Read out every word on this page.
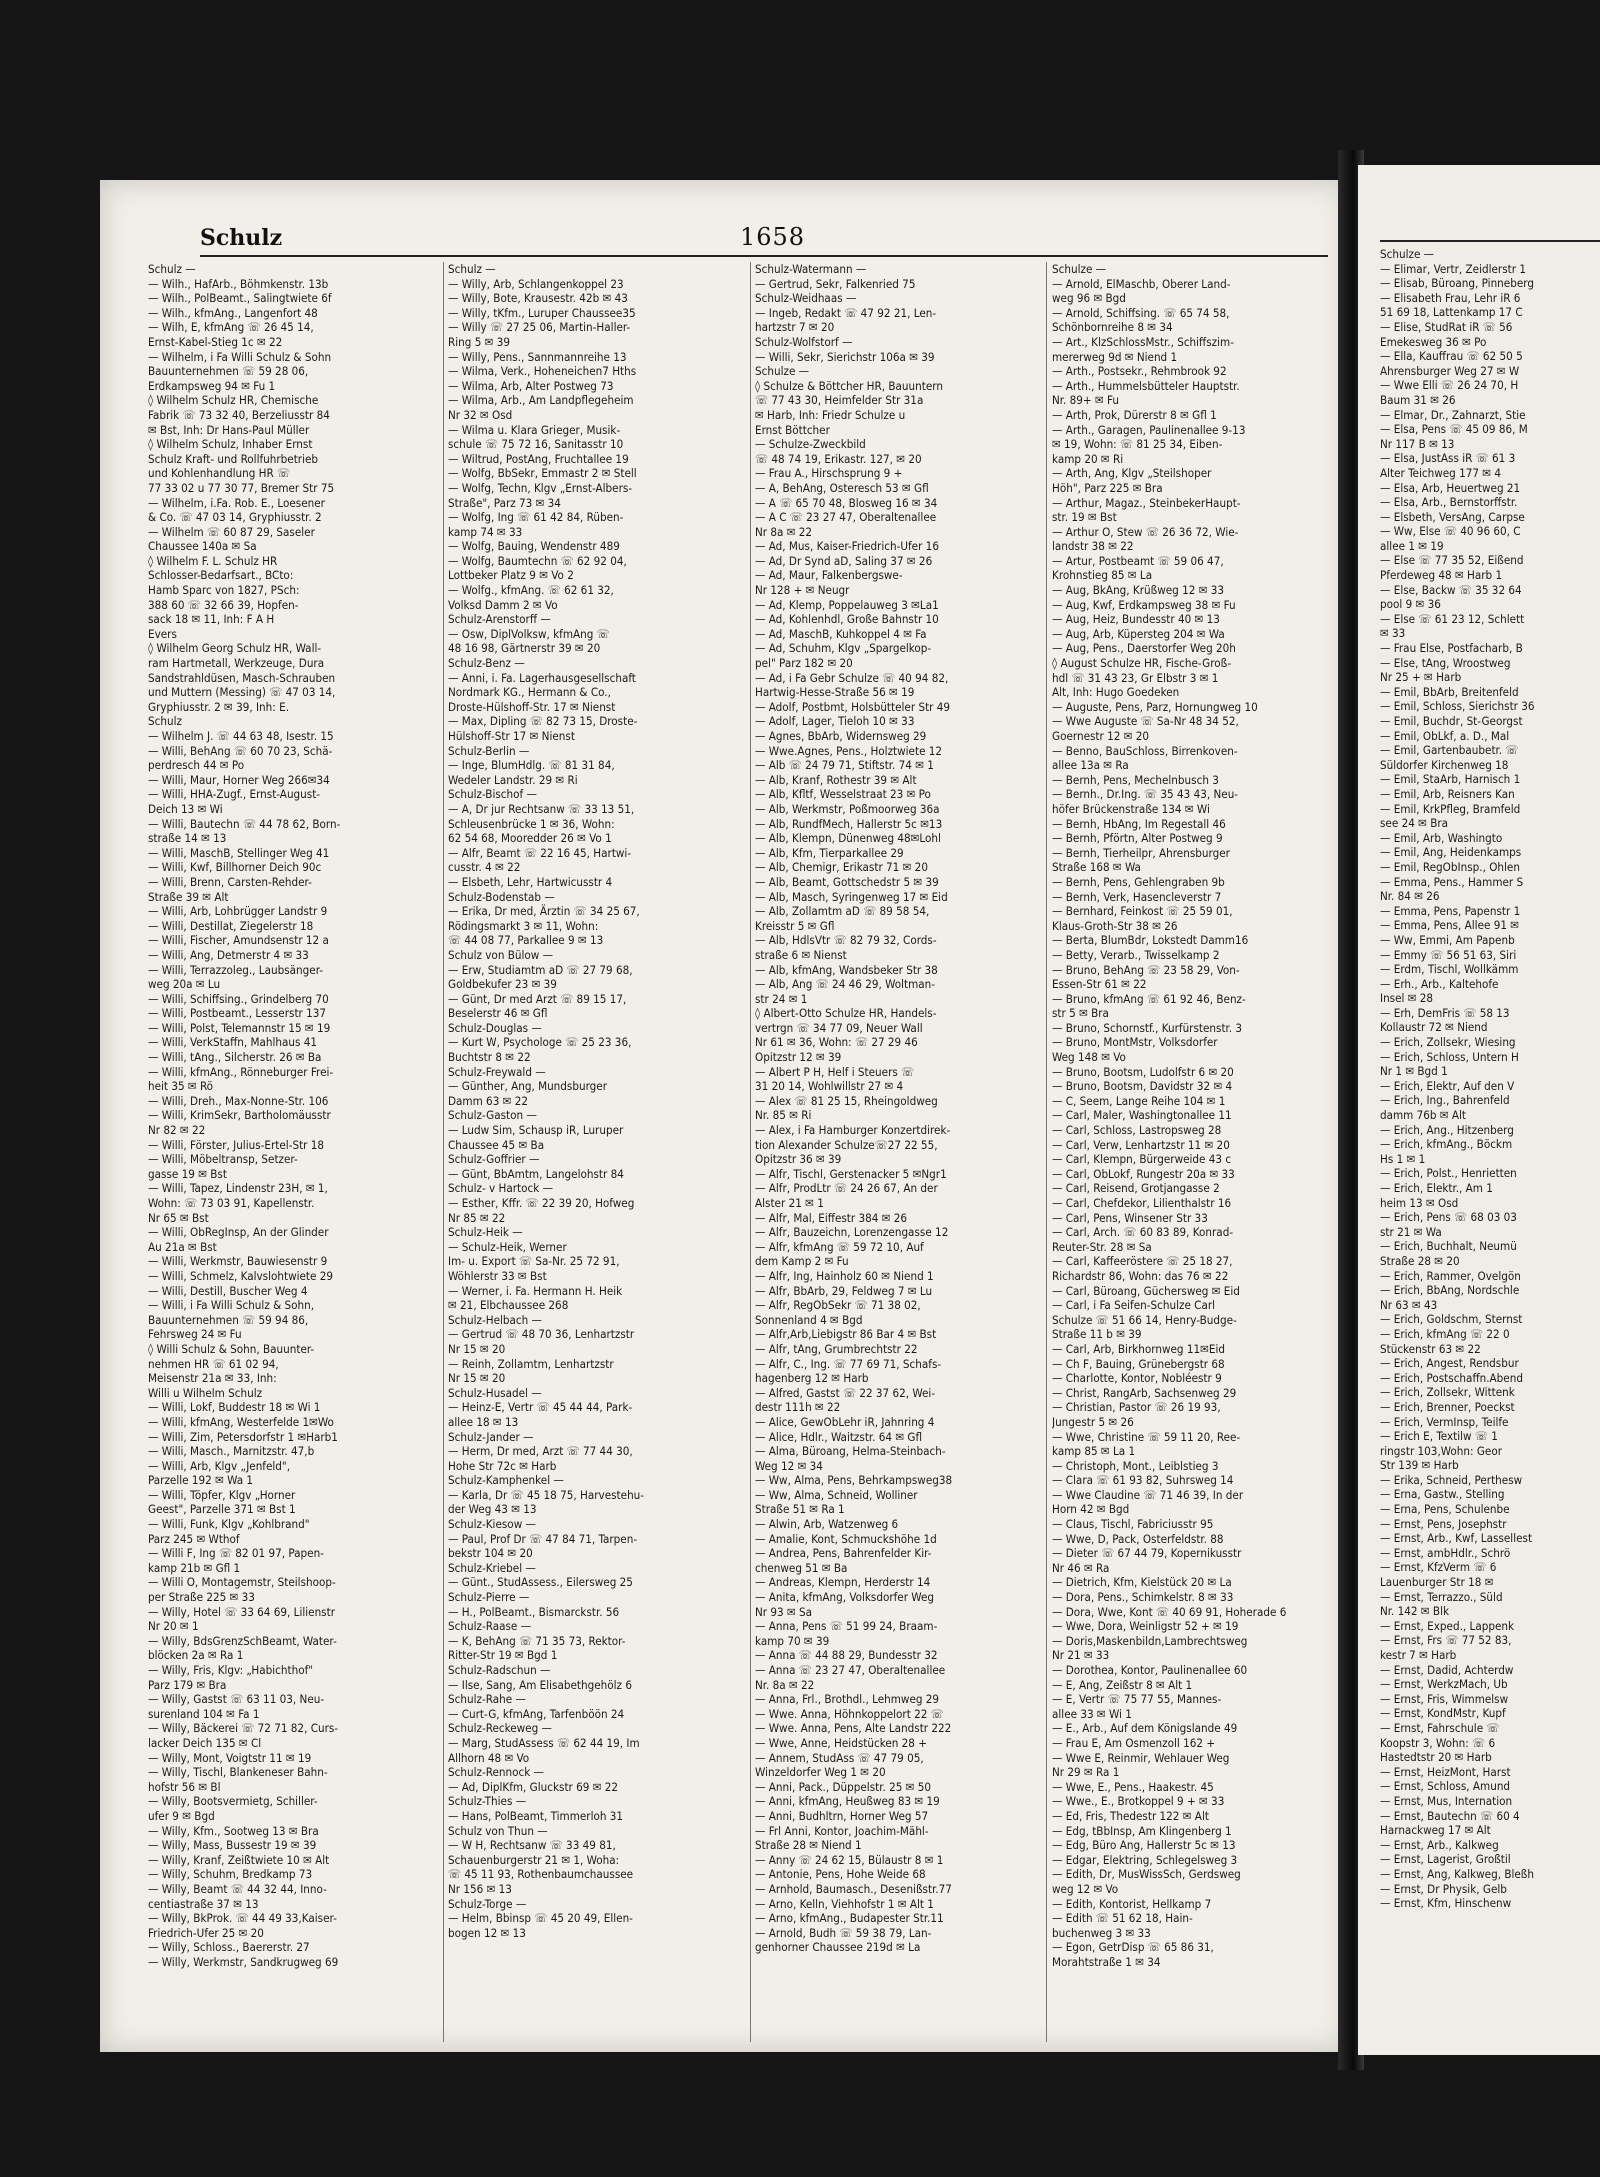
Schulz	1658
Schulz —
— Wilh., HafArb., Böhmkenstr. 13b
— Wilh., PolBeamt., Salingtwiete 6f
— Wilh., kfmAng., Langenfort 48
— Wilh, E, kfmAng ☏ 26 45 14,
Ernst-Kabel-Stieg 1c ✉ 22
— Wilhelm, i Fa Willi Schulz & Sohn
Bauunternehmen ☏ 59 28 06,
Erdkampsweg 94 ✉ Fu 1
◊ Wilhelm Schulz HR, Chemische
Fabrik ☏ 73 32 40, Berzeliusstr 84
✉ Bst, Inh: Dr Hans-Paul Müller
◊ Wilhelm Schulz, Inhaber Ernst
Schulz Kraft- und Rollfuhrbetrieb
und Kohlenhandlung HR ☏
77 33 02 u 77 30 77, Bremer Str 75
— Wilhelm, i.Fa. Rob. E., Loesener
& Co. ☏ 47 03 14, Gryphiusstr. 2
— Wilhelm ☏ 60 87 29, Saseler
Chaussee 140a ✉ Sa
◊ Wilhelm F. L. Schulz HR
Schlosser-Bedarfsart., BCto:
Hamb Sparc von 1827, PSch:
388 60 ☏ 32 66 39, Hopfen-
sack 18 ✉ 11, Inh: F A H
Evers
◊ Wilhelm Georg Schulz HR, Wall-
ram Hartmetall, Werkzeuge, Dura
Sandstrahldüsen, Masch-Schrauben
und Muttern (Messing) ☏ 47 03 14,
Gryphiusstr. 2 ✉ 39, Inh: E.
Schulz
— Wilhelm J. ☏ 44 63 48, Isestr. 15
— Willi, BehAng ☏ 60 70 23, Schä-
perdresch 44 ✉ Po
— Willi, Maur, Horner Weg 266✉34
— Willi, HHA-Zugf., Ernst-August-
Deich 13 ✉ Wi
— Willi, Bautechn ☏ 44 78 62, Born-
straße 14 ✉ 13
— Willi, MaschB, Stellinger Weg 41
— Willi, Kwf, Billhorner Deich 90c
— Willi, Brenn, Carsten-Rehder-
Straße 39 ✉ Alt
— Willi, Arb, Lohbrügger Landstr 9
— Willi, Destillat, Ziegelerstr 18
— Willi, Fischer, Amundsenstr 12 a
— Willi, Ang, Detmerstr 4 ✉ 33
— Willi, Terrazzoleg., Laubsänger-
weg 20a ✉ Lu
— Willi, Schiffsing., Grindelberg 70
— Willi, Postbeamt., Lesserstr 137
— Willi, Polst, Telemannstr 15 ✉ 19
— Willi, VerkStaffn, Mahlhaus 41
— Willi, tAng., Silcherstr. 26 ✉ Ba
— Willi, kfmAng., Rönneburger Frei-
heit 35 ✉ Rö
— Willi, Dreh., Max-Nonne-Str. 106
— Willi, KrimSekr, Bartholomäusstr
Nr 82 ✉ 22
— Willi, Förster, Julius-Ertel-Str 18
— Willi, Möbeltransp, Setzer-
gasse 19 ✉ Bst
— Willi, Tapez, Lindenstr 23H, ✉ 1,
Wohn: ☏ 73 03 91, Kapellenstr.
Nr 65 ✉ Bst
— Willi, ObRegInsp, An der Glinder
Au 21a ✉ Bst
— Willi, Werkmstr, Bauwiesenstr 9
— Willi, Schmelz, Kalvslohtwiete 29
— Willi, Destill, Buscher Weg 4
— Willi, i Fa Willi Schulz & Sohn,
Bauunternehmen ☏ 59 94 86,
Fehrsweg 24 ✉ Fu
◊ Willi Schulz & Sohn, Bauunter-
nehmen HR ☏ 61 02 94,
Meisenstr 21a ✉ 33, Inh:
Willi u Wilhelm Schulz
— Willi, Lokf, Buddestr 18 ✉ Wi 1
— Willi, kfmAng, Westerfelde 1✉Wo
— Willi, Zim, Petersdorfstr 1 ✉Harb1
— Willi, Masch., Marnitzstr. 47,b
— Willi, Arb, Klgv „Jenfeld",
Parzelle 192 ✉ Wa 1
— Willi, Töpfer, Klgv „Horner
Geest", Parzelle 371 ✉ Bst 1
— Willi, Funk, Klgv „Kohlbrand"
Parz 245 ✉ Wthof
— Willi F, Ing ☏ 82 01 97, Papen-
kamp 21b ✉ Gfl 1
— Willi O, Montagemstr, Steilshoop-
per Straße 225 ✉ 33
— Willy, Hotel ☏ 33 64 69, Lilienstr
Nr 20 ✉ 1
— Willy, BdsGrenzSchBeamt, Water-
blöcken 2a ✉ Ra 1
— Willy, Fris, Klgv: „Habichthof"
Parz 179 ✉ Bra
— Willy, Gastst ☏ 63 11 03, Neu-
surenland 104 ✉ Fa 1
— Willy, Bäckerei ☏ 72 71 82, Curs-
lacker Deich 135 ✉ Cl
— Willy, Mont, Voigtstr 11 ✉ 19
— Willy, Tischl, Blankeneser Bahn-
hofstr 56 ✉ Bl
— Willy, Bootsvermietg, Schiller-
ufer 9 ✉ Bgd
— Willy, Kfm., Sootweg 13 ✉ Bra
— Willy, Mass, Bussestr 19 ✉ 39
— Willy, Kranf, Zeißtwiete 10 ✉ Alt
— Willy, Schuhm, Bredkamp 73
— Willy, Beamt ☏ 44 32 44, Inno-
centiastraße 37 ✉ 13
— Willy, BkProk. ☏ 44 49 33,Kaiser-
Friedrich-Ufer 25 ✉ 20
— Willy, Schloss., Baererstr. 27
— Willy, Werkmstr, Sandkrugweg 69
Schulz —
— Willy, Arb, Schlangenkoppel 23
— Willy, Bote, Krausestr. 42b ✉ 43
— Willy, tKfm., Luruper Chaussee35
— Willy ☏ 27 25 06, Martin-Haller-
Ring 5 ✉ 39
— Willy, Pens., Sannmannreihe 13
— Wilma, Verk., Hoheneichen7 Hths
— Wilma, Arb, Alter Postweg 73
— Wilma, Arb., Am Landpflegeheim
Nr 32 ✉ Osd
— Wilma u. Klara Grieger, Musik-
schule ☏ 75 72 16, Sanitasstr 10
— Wiltrud, PostAng, Fruchtallee 19
— Wolfg, BbSekr, Emmastr 2 ✉ Stell
— Wolfg, Techn, Klgv „Ernst-Albers-
Straße", Parz 73 ✉ 34
— Wolfg, Ing ☏ 61 42 84, Rüben-
kamp 74 ✉ 33
— Wolfg, Bauing, Wendenstr 489
— Wolfg, Baumtechn ☏ 62 92 04,
Lottbeker Platz 9 ✉ Vo 2
— Wolfg., kfmAng. ☏ 62 61 32,
Volksd Damm 2 ✉ Vo
Schulz-Arenstorff —
— Osw, DiplVolksw, kfmAng ☏
48 16 98, Gärtnerstr 39 ✉ 20
Schulz-Benz —
— Anni, i. Fa. Lagerhausgesellschaft
Nordmark KG., Hermann & Co.,
Droste-Hülshoff-Str. 17 ✉ Nienst
— Max, Dipling ☏ 82 73 15, Droste-
Hülshoff-Str 17 ✉ Nienst
Schulz-Berlin —
— Inge, BlumHdlg. ☏ 81 31 84,
Wedeler Landstr. 29 ✉ Ri
Schulz-Bischof —
— A, Dr jur Rechtsanw ☏ 33 13 51,
Schleusenbrücke 1 ✉ 36, Wohn:
62 54 68, Mooredder 26 ✉ Vo 1
— Alfr, Beamt ☏ 22 16 45, Hartwi-
cusstr. 4 ✉ 22
— Elsbeth, Lehr, Hartwicusstr 4
Schulz-Bodenstab —
— Erika, Dr med, Ärztin ☏ 34 25 67,
Rödingsmarkt 3 ✉ 11, Wohn:
☏ 44 08 77, Parkallee 9 ✉ 13
Schulz von Bülow —
— Erw, Studiamtm aD ☏ 27 79 68,
Goldbekufer 23 ✉ 39
— Günt, Dr med Arzt ☏ 89 15 17,
Beselerstr 46 ✉ Gfl
Schulz-Douglas —
— Kurt W, Psychologe ☏ 25 23 36,
Buchtstr 8 ✉ 22
Schulz-Freywald —
— Günther, Ang, Mundsburger
Damm 63 ✉ 22
Schulz-Gaston —
— Ludw Sim, Schausp iR, Luruper
Chaussee 45 ✉ Ba
Schulz-Goffrier —
— Günt, BbAmtm, Langelohstr 84
Schulz- v Hartock —
— Esther, Kffr. ☏ 22 39 20, Hofweg
Nr 85 ✉ 22
Schulz-Heik —
— Schulz-Heik, Werner
Im- u. Export ☏ Sa-Nr. 25 72 91,
Wöhlerstr 33 ✉ Bst
— Werner, i. Fa. Hermann H. Heik
✉ 21, Elbchaussee 268
Schulz-Helbach —
— Gertrud ☏ 48 70 36, Lenhartzstr
Nr 15 ✉ 20
— Reinh, Zollamtm, Lenhartzstr
Nr 15 ✉ 20
Schulz-Husadel —
— Heinz-E, Vertr ☏ 45 44 44, Park-
allee 18 ✉ 13
Schulz-Jander —
— Herm, Dr med, Arzt ☏ 77 44 30,
Hohe Str 72c ✉ Harb
Schulz-Kamphenkel —
— Karla, Dr ☏ 45 18 75, Harvestehu-
der Weg 43 ✉ 13
Schulz-Kiesow —
— Paul, Prof Dr ☏ 47 84 71, Tarpen-
bekstr 104 ✉ 20
Schulz-Kriebel —
— Günt., StudAssess., Eilersweg 25
Schulz-Pierre —
— H., PolBeamt., Bismarckstr. 56
Schulz-Raase —
— K, BehAng ☏ 71 35 73, Rektor-
Ritter-Str 19 ✉ Bgd 1
Schulz-Radschun —
— Ilse, Sang, Am Elisabethgehölz 6
Schulz-Rahe —
— Curt-G, kfmAng, Tarfenböön 24
Schulz-Reckeweg —
— Marg, StudAssess ☏ 62 44 19, Im
Allhorn 48 ✉ Vo
Schulz-Rennock —
— Ad, DiplKfm, Gluckstr 69 ✉ 22
Schulz-Thies —
— Hans, PolBeamt, Timmerloh 31
Schulz von Thun —
— W H, Rechtsanw ☏ 33 49 81,
Schauenburgerstr 21 ✉ 1, Woha:
☏ 45 11 93, Rothenbaumchaussee
Nr 156 ✉ 13
Schulz-Torge —
— Helm, Bbinsp ☏ 45 20 49, Ellen-
bogen 12 ✉ 13
Schulz-Watermann —
— Gertrud, Sekr, Falkenried 75
Schulz-Weidhaas —
— Ingeb, Redakt ☏ 47 92 21, Len-
hartzstr 7 ✉ 20
Schulz-Wolfstorf —
— Willi, Sekr, Sierichstr 106a ✉ 39
Schulze —
◊ Schulze & Böttcher HR, Bauuntern
☏ 77 43 30, Heimfelder Str 31a
✉ Harb, Inh: Friedr Schulze u
Ernst Böttcher
— Schulze-Zweckbild
☏ 48 74 19, Erikastr. 127, ✉ 20
— Frau A., Hirschsprung 9 +
— A, BehAng, Osteresch 53 ✉ Gfl
— A ☏ 65 70 48, Blosweg 16 ✉ 34
— A C ☏ 23 27 47, Oberaltenallee
Nr 8a ✉ 22
— Ad, Mus, Kaiser-Friedrich-Ufer 16
— Ad, Dr Synd aD, Saling 37 ✉ 26
— Ad, Maur, Falkenbergswe-
Nr 128 + ✉ Neugr
— Ad, Klemp, Poppelauweg 3 ✉La1
— Ad, Kohlenhdl, Große Bahnstr 10
— Ad, MaschB, Kuhkoppel 4 ✉ Fa
— Ad, Schuhm, Klgv „Spargelkop-
pel" Parz 182 ✉ 20
— Ad, i Fa Gebr Schulze ☏ 40 94 82,
Hartwig-Hesse-Straße 56 ✉ 19
— Adolf, Postbmt, Holsbütteler Str 49
— Adolf, Lager, Tieloh 10 ✉ 33
— Agnes, BbArb, Widernsweg 29
— Wwe.Agnes, Pens., Holztwiete 12
— Alb ☏ 24 79 71, Stiftstr. 74 ✉ 1
— Alb, Kranf, Rothestr 39 ✉ Alt
— Alb, Kfltf, Wesselstraat 23 ✉ Po
— Alb, Werkmstr, Poßmoorweg 36a
— Alb, RundfMech, Hallerstr 5c ✉13
— Alb, Klempn, Dünenweg 48✉Lohl
— Alb, Kfm, Tierparkallee 29
— Alb, Chemigr, Erikastr 71 ✉ 20
— Alb, Beamt, Gottschedstr 5 ✉ 39
— Alb, Masch, Syringenweg 17 ✉ Eid
— Alb, Zollamtm aD ☏ 89 58 54,
Kreisstr 5 ✉ Gfl
— Alb, HdlsVtr ☏ 82 79 32, Cords-
straße 6 ✉ Nienst
— Alb, kfmAng, Wandsbeker Str 38
— Alb, Ang ☏ 24 46 29, Woltman-
str 24 ✉ 1
◊ Albert-Otto Schulze HR, Handels-
vertrgn ☏ 34 77 09, Neuer Wall
Nr 61 ✉ 36, Wohn: ☏ 27 29 46
Opitzstr 12 ✉ 39
— Albert P H, Helf i Steuers ☏
31 20 14, Wohlwillstr 27 ✉ 4
— Alex ☏ 81 25 15, Rheingoldweg
Nr. 85 ✉ Ri
— Alex, i Fa Hamburger Konzertdirek-
tion Alexander Schulze☏27 22 55,
Opitzstr 36 ✉ 39
— Alfr, Tischl, Gerstenacker 5 ✉Ngr1
— Alfr, ProdLtr ☏ 24 26 67, An der
Alster 21 ✉ 1
— Alfr, Mal, Eiffestr 384 ✉ 26
— Alfr, Bauzeichn, Lorenzengasse 12
— Alfr, kfmAng ☏ 59 72 10, Auf
dem Kamp 2 ✉ Fu
— Alfr, Ing, Hainholz 60 ✉ Niend 1
— Alfr, BbArb, 29, Feldweg 7 ✉ Lu
— Alfr, RegObSekr ☏ 71 38 02,
Sonnenland 4 ✉ Bgd
— Alfr,Arb,Liebigstr 86 Bar 4 ✉ Bst
— Alfr, tAng, Grumbrechtstr 22
— Alfr, C., Ing. ☏ 77 69 71, Schafs-
hagenberg 12 ✉ Harb
— Alfred, Gastst ☏ 22 37 62, Wei-
destr 111h ✉ 22
— Alice, GewObLehr iR, Jahnring 4
— Alice, Hdlr., Waitzstr. 64 ✉ Gfl
— Alma, Büroang, Helma-Steinbach-
Weg 12 ✉ 34
— Ww, Alma, Pens, Behrkampsweg38
— Ww, Alma, Schneid, Wolliner
Straße 51 ✉ Ra 1
— Alwin, Arb, Watzenweg 6
— Amalie, Kont, Schmuckshöhe 1d
— Andrea, Pens, Bahrenfelder Kir-
chenweg 51 ✉ Ba
— Andreas, Klempn, Herderstr 14
— Anita, kfmAng, Volksdorfer Weg
Nr 93 ✉ Sa
— Anna, Pens ☏ 51 99 24, Braam-
kamp 70 ✉ 39
— Anna ☏ 44 88 29, Bundesstr 32
— Anna ☏ 23 27 47, Oberaltenallee
Nr. 8a ✉ 22
— Anna, Frl., Brothdl., Lehmweg 29
— Wwe. Anna, Höhnkoppelort 22 ☏
— Wwe. Anna, Pens, Alte Landstr 222
— Wwe, Anne, Heidstücken 28 +
— Annem, StudAss ☏ 47 79 05,
Winzeldorfer Weg 1 ✉ 20
— Anni, Pack., Düppelstr. 25 ✉ 50
— Anni, kfmAng, Heußweg 83 ✉ 19
— Anni, Budhltrn, Horner Weg 57
— Frl Anni, Kontor, Joachim-Mähl-
Straße 28 ✉ Niend 1
— Anny ☏ 24 62 15, Bülaustr 8 ✉ 1
— Antonie, Pens, Hohe Weide 68
— Arnhold, Baumasch., Desenißstr.77
— Arno, Kelln, Viehhofstr 1 ✉ Alt 1
— Arno, kfmAng., Budapester Str.11
— Arnold, Budh ☏ 59 38 79, Lan-
genhorner Chaussee 219d ✉ La
Schulze —
— Arnold, ElMaschb, Oberer Land-
weg 96 ✉ Bgd
— Arnold, Schiffsing. ☏ 65 74 58,
Schönbornreihe 8 ✉ 34
— Art., KlzSchlossMstr., Schiffszim-
mererweg 9d ✉ Niend 1
— Arth., Postsekr., Rehmbrook 92
— Arth., Hummelsbütteler Hauptstr.
Nr. 89+ ✉ Fu
— Arth, Prok, Dürerstr 8 ✉ Gfl 1
— Arth., Garagen, Paulinenallee 9-13
✉ 19, Wohn: ☏ 81 25 34, Eiben-
kamp 20 ✉ Ri
— Arth, Ang, Klgv „Steilshoper
Höh", Parz 225 ✉ Bra
— Arthur, Magaz., SteinbekerHaupt-
str. 19 ✉ Bst
— Arthur O, Stew ☏ 26 36 72, Wie-
landstr 38 ✉ 22
— Artur, Postbeamt ☏ 59 06 47,
Krohnstieg 85 ✉ La
— Aug, BkAng, Krüßweg 12 ✉ 33
— Aug, Kwf, Erdkampsweg 38 ✉ Fu
— Aug, Heiz, Bundesstr 40 ✉ 13
— Aug, Arb, Küpersteg 204 ✉ Wa
— Aug, Pens., Daerstorfer Weg 20h
◊ August Schulze HR, Fische-Groß-
hdl ☏ 31 43 23, Gr Elbstr 3 ✉ 1
Alt, Inh: Hugo Goedeken
— Auguste, Pens, Parz, Hornungweg 10
— Wwe Auguste ☏ Sa-Nr 48 34 52,
Goernestr 12 ✉ 20
— Benno, BauSchloss, Birrenkoven-
allee 13a ✉ Ra
— Bernh, Pens, Mechelnbusch 3
— Bernh., Dr.Ing. ☏ 35 43 43, Neu-
höfer Brückenstraße 134 ✉ Wi
— Bernh, HbAng, Im Regestall 46
— Bernh, Pförtn, Alter Postweg 9
— Bernh, Tierheilpr, Ahrensburger
Straße 168 ✉ Wa
— Bernh, Pens, Gehlengraben 9b
— Bernh, Verk, Hasencleverstr 7
— Bernhard, Feinkost ☏ 25 59 01,
Klaus-Groth-Str 38 ✉ 26
— Berta, BlumBdr, Lokstedt Damm16
— Betty, Verarb., Twisselkamp 2
— Bruno, BehAng ☏ 23 58 29, Von-
Essen-Str 61 ✉ 22
— Bruno, kfmAng ☏ 61 92 46, Benz-
str 5 ✉ Bra
— Bruno, Schornstf., Kurfürstenstr. 3
— Bruno, MontMstr, Volksdorfer
Weg 148 ✉ Vo
— Bruno, Bootsm, Ludolfstr 6 ✉ 20
— Bruno, Bootsm, Davidstr 32 ✉ 4
— C, Seem, Lange Reihe 104 ✉ 1
— Carl, Maler, Washingtonallee 11
— Carl, Schloss, Lastropsweg 28
— Carl, Verw, Lenhartzstr 11 ✉ 20
— Carl, Klempn, Bürgerweide 43 c
— Carl, ObLokf, Rungestr 20a ✉ 33
— Carl, Reisend, Grotjangasse 2
— Carl, Chefdekor, Lilienthalstr 16
— Carl, Pens, Winsener Str 33
— Carl, Arch. ☏ 60 83 89, Konrad-
Reuter-Str. 28 ✉ Sa
— Carl, Kaffeeröstere ☏ 25 18 27,
Richardstr 86, Wohn: das 76 ✉ 22
— Carl, Büroang, Güchersweg ✉ Eid
— Carl, i Fa Seifen-Schulze Carl
Schulze ☏ 51 66 14, Henry-Budge-
Straße 11 b ✉ 39
— Carl, Arb, Birkhornweg 11✉Eid
— Ch F, Bauing, Grünebergstr 68
— Charlotte, Kontor, Nobléestr 9
— Christ, RangArb, Sachsenweg 29
— Christian, Pastor ☏ 26 19 93,
Jungestr 5 ✉ 26
— Wwe, Christine ☏ 59 11 20, Ree-
kamp 85 ✉ La 1
— Christoph, Mont., Leiblstieg 3
— Clara ☏ 61 93 82, Suhrsweg 14
— Wwe Claudine ☏ 71 46 39, In der
Horn 42 ✉ Bgd
— Claus, Tischl, Fabriciusstr 95
— Wwe, D, Pack, Osterfeldstr. 88
— Dieter ☏ 67 44 79, Kopernikusstr
Nr 46 ✉ Ra
— Dietrich, Kfm, Kielstück 20 ✉ La
— Dora, Pens., Schimkelstr. 8 ✉ 33
— Dora, Wwe, Kont ☏ 40 69 91, Hoherade 6
— Wwe, Dora, Weinligstr 52 + ✉ 19
— Doris,Maskenbildn,Lambrechtsweg
Nr 21 ✉ 33
— Dorothea, Kontor, Paulinenallee 60
— E, Ang, Zeißstr 8 ✉ Alt 1
— E, Vertr ☏ 75 77 55, Mannes-
allee 33 ✉ Wi 1
— E., Arb., Auf dem Königslande 49
— Frau E, Am Osmenzoll 162 +
— Wwe E, Reinmir, Wehlauer Weg
Nr 29 ✉ Ra 1
— Wwe, E., Pens., Haakestr. 45
— Wwe., E., Brotkoppel 9 + ✉ 33
— Ed, Fris, Thedestr 122 ✉ Alt
— Edg, tBbInsp, Am Klingenberg 1
— Edg, Büro Ang, Hallerstr 5c ✉ 13
— Edgar, Elektring, Schlegelsweg 3
— Edith, Dr, MusWissSch, Gerdsweg
weg 12 ✉ Vo
— Edith, Kontorist, Hellkamp 7
— Edith ☏ 51 62 18, Hain-
buchenweg 3 ✉ 33
— Egon, GetrDisp ☏ 65 86 31,
Morahtstraße 1 ✉ 34
Schulze —
— Elimar, Vertr, Zeidlerstr 1
— Elisab, Büroang, Pinneberg
— Elisabeth Frau, Lehr iR 6
51 69 18, Lattenkamp 17 C
— Elise, StudRat iR ☏ 56
Emekesweg 36 ✉ Po
— Ella, Kauffrau ☏ 62 50 5
Ahrensburger Weg 27 ✉ W
— Wwe Elli ☏ 26 24 70, H
Baum 31 ✉ 26
— Elmar, Dr., Zahnarzt, Stie
— Elsa, Pens ☏ 45 09 86, M
Nr 117 B ✉ 13
— Elsa, JustAss iR ☏ 61 3
Alter Teichweg 177 ✉ 4
— Elsa, Arb, Heuertweg 21
— Elsa, Arb., Bernstorffstr.
— Elsbeth, VersAng, Carpse
— Ww, Else ☏ 40 96 60, C
allee 1 ✉ 19
— Else ☏ 77 35 52, Eißend
Pferdeweg 48 ✉ Harb 1
— Else, Backw ☏ 35 32 64
pool 9 ✉ 36
— Else ☏ 61 23 12, Schlett
✉ 33
— Frau Else, Postfacharb, B
— Else, tAng, Wroostweg
Nr 25 + ✉ Harb
— Emil, BbArb, Breitenfeld
— Emil, Schloss, Sierichstr 36
— Emil, Buchdr, St-Georgst
— Emil, ObLkf, a. D., Mal
— Emil, Gartenbaubetr. ☏
Süldorfer Kirchenweg 18
— Emil, StaArb, Harnisch 1
— Emil, Arb, Reisners Kan
— Emil, KrkPfleg, Bramfeld
see 24 ✉ Bra
— Emil, Arb, Washingto
— Emil, Ang, Heidenkamps
— Emil, RegObInsp., Ohlen
— Emma, Pens., Hammer S
Nr. 84 ✉ 26
— Emma, Pens, Papenstr 1
— Emma, Pens, Allee 91 ✉
— Ww, Emmi, Am Papenb
— Emmy ☏ 56 51 63, Siri
— Erdm, Tischl, Wollkämm
— Erh., Arb., Kaltehofe
Insel ✉ 28
— Erh, DemFris ☏ 58 13
Kollaustr 72 ✉ Niend
— Erich, Zollsekr, Wiesing
— Erich, Schloss, Untern H
Nr 1 ✉ Bgd 1
— Erich, Elektr, Auf den V
— Erich, Ing., Bahrenfeld
damm 76b ✉ Alt
— Erich, Ang., Hitzenberg
— Erich, kfmAng., Böckm
Hs 1 ✉ 1
— Erich, Polst., Henrietten
— Erich, Elektr., Am 1
heim 13 ✉ Osd
— Erich, Pens ☏ 68 03 03
str 21 ✉ Wa
— Erich, Buchhalt, Neumü
Straße 28 ✉ 20
— Erich, Rammer, Ovelgön
— Erich, BbAng, Nordschle
Nr 63 ✉ 43
— Erich, Goldschm, Sternst
— Erich, kfmAng ☏ 22 0
Stückenstr 63 ✉ 22
— Erich, Angest, Rendsbur
— Erich, Postschaffn.Abend
— Erich, Zollsekr, Wittenk
— Erich, Brenner, Poeckst
— Erich, VermInsp, Teilfe
— Erich E, Textilw ☏ 1
ringstr 103,Wohn: Geor
Str 139 ✉ Harb
— Erika, Schneid, Perthesw
— Erna, Gastw., Stelling
— Erna, Pens, Schulenbe
— Ernst, Pens, Josephstr
— Ernst, Arb., Kwf, Lassellest
— Ernst, ambHdlr., Schrö
— Ernst, KfzVerm ☏ 6
Lauenburger Str 18 ✉
— Ernst, Terrazzo., Süld
Nr. 142 ✉ Blk
— Ernst, Exped., Lappenk
— Ernst, Frs ☏ 77 52 83,
kestr 7 ✉ Harb
— Ernst, Dadid, Achterdw
— Ernst, WerkzMach, Ub
— Ernst, Fris, Wimmelsw
— Ernst, KondMstr, Kupf
— Ernst, Fahrschule ☏
Koopstr 3, Wohn: ☏ 6
Hastedtstr 20 ✉ Harb
— Ernst, HeizMont, Harst
— Ernst, Schloss, Amund
— Ernst, Mus, Internation
— Ernst, Bautechn ☏ 60 4
Harnackweg 17 ✉ Alt
— Ernst, Arb., Kalkweg
— Ernst, Lagerist, Großtil
— Ernst, Ang, Kalkweg, Bleßh
— Ernst, Dr Physik, Gelb
— Ernst, Kfm, Hinschenw
